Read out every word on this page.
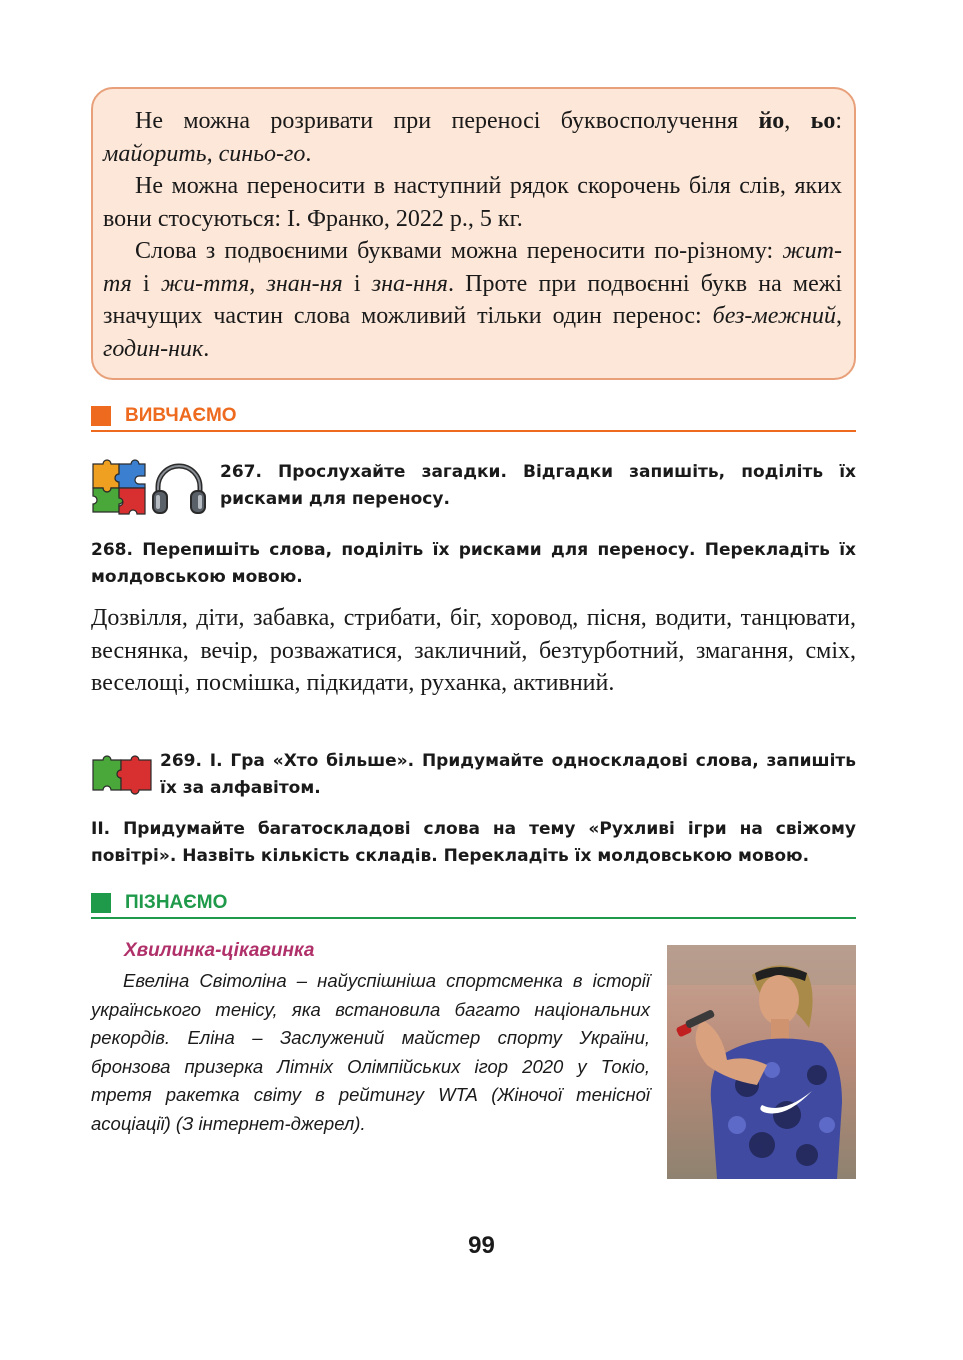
Не можна розривати при переносі буквосполучення йо, ьо: майорить, синьо-го.

Не можна переносити в наступний рядок скорочень біля слів, яких вони стосуються: І. Франко, 2022 р., 5 кг.

Слова з подвоєними буквами можна переносити по-різному: жит-тя і жи-ття, знан-ня і зна-ння. Проте при подвоєнні букв на межі значущих частин слова можливий тільки один перенос: без-межний, годин-ник.

ВИВЧАЄМО
267. Прослухайте загадки. Відгадки запишіть, поділіть їх рисками для переносу.
268. Перепишіть слова, поділіть їх рисками для переносу. Перекладіть їх молдовською мовою.
Дозвілля, діти, забавка, стрибати, біг, хоровод, пісня, водити, танцювати, веснянка, вечір, розважатися, закличний, безтурботний, змагання, сміх, веселощі, посмішка, підкидати, руханка, активний.
269. І. Гра «Хто більше». Придумайте односкладові слова, запишіть їх за алфавітом.
ІІ. Придумайте багатоскладові слова на тему «Рухливі ігри на свіжому повітрі». Назвіть кількість складів. Перекладіть їх молдовською мовою.
ПІЗНАЄМО
Хвилинка-цікавинка
Евеліна Світоліна – найуспішніша спортсменка в історії українського тенісу, яка встановила багато національних рекордів. Еліна – Заслужений майстер спорту України, бронзова призерка Літніх Олімпійських ігор 2020 у Токіо, третя ракетка світу в рейтингу WTA (Жіночої тенісної асоціації) (З інтернет-джерел).
99
